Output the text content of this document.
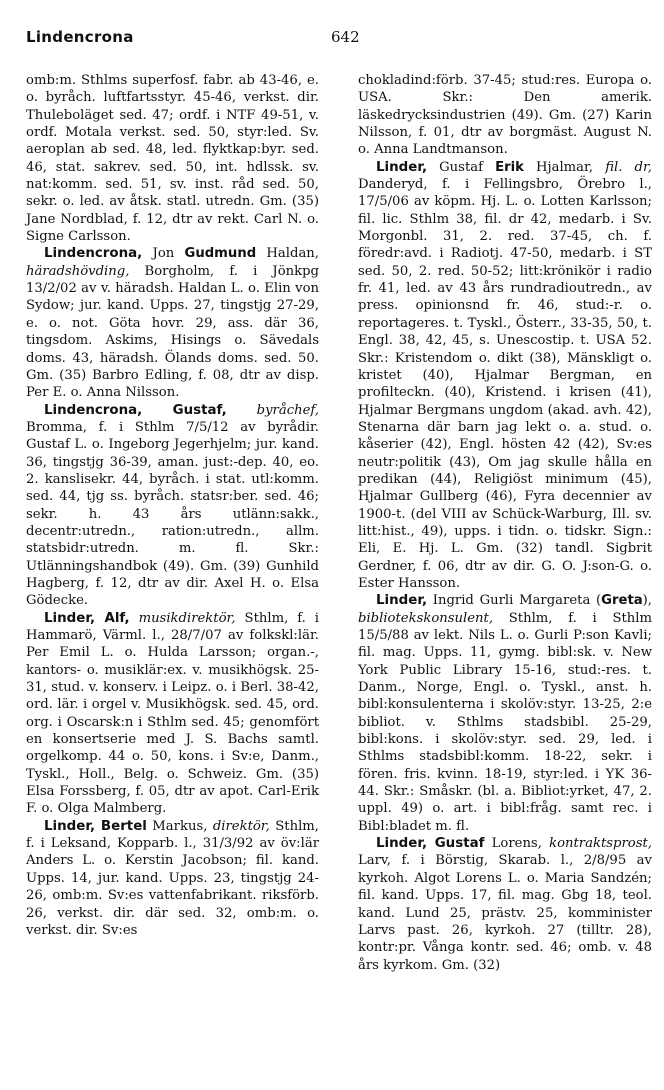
Lindencrona	642

omb:m. Sthlms superfosf. fabr. ab 43-46, e. o. byråch. luftfartsstyr. 45-46, verkst. dir. Thuleboläget sed. 47; ordf. i NTF 49-51, v. ordf. Motala verkst. sed. 50, styr:led. Sv. aeroplan ab sed. 48, led. flyktkap:byr. sed. 46, stat. sakrev. sed. 50, int. hdlssk. sv. nat:komm. sed. 51, sv. inst. råd sed. 50, sekr. o. led. av åtsk. statl. utredn. Gm. (35) Jane Nordblad, f. 12, dtr av rekt. Carl N. o. Signe Carlsson.

Lindencrona, Jon Gudmund Haldan, häradshövding, Borgholm, f. i Jönkpg 13/2/02 av v. häradsh. Haldan L. o. Elin von Sydow; jur. kand. Upps. 27, tingstjg 27-29, e. o. not. Göta hovr. 29, ass. där 36, tingsdom. Askims, Hisings o. Sävedals doms. 43, häradsh. Ölands doms. sed. 50. Gm. (35) Barbro Edling, f. 08, dtr av disp. Per E. o. Anna Nilsson.

Lindencrona, Gustaf, byråchef, Bromma, f. i Sthlm 7/5/12 av byrådir. Gustaf L. o. Ingeborg Jegerhjelm; jur. kand. 36, tingstjg 36-39, aman. just:-dep. 40, eo. 2. kanslisekr. 44, byråch. i stat. utl:komm. sed. 44, tjg ss. byråch. statsr:ber. sed. 46; sekr. h. 43 års utlänn:sakk., decentr:utredn., ration:utredn., allm. statsbidr:utredn. m. fl. Skr.: Utlänningshandbok (49). Gm. (39) Gunhild Hagberg, f. 12, dtr av dir. Axel H. o. Elsa Gödecke.

Linder, Alf, musikdirektör, Sthlm, f. i Hammarö, Värml. l., 28/7/07 av folkskl:lär. Per Emil L. o. Hulda Larsson; organ.-, kantors- o. musiklär:ex. v. musikhögsk. 25-31, stud. v. konserv. i Leipz. o. i Berl. 38-42, ord. lär. i orgel v. Musikhögsk. sed. 45, ord. org. i Oscarsk:n i Sthlm sed. 45; genomfört en konsertserie med J. S. Bachs samtl. orgelkomp. 44 o. 50, kons. i Sv:e, Danm., Tyskl., Holl., Belg. o. Schweiz. Gm. (35) Elsa Forssberg, f. 05, dtr av apot. Carl-Erik F. o. Olga Malmberg.

Linder, Bertel Markus, direktör, Sthlm, f. i Leksand, Kopparb. l., 31/3/92 av öv:lär Anders L. o. Kerstin Jacobson; fil. kand. Upps. 14, jur. kand. Upps. 23, tingstjg 24-26, omb:m. Sv:es vattenfabrikant. riksförb. 26, verkst. dir. där sed. 32, omb:m. o. verkst. dir. Sv:es

chokladind:förb. 37-45; stud:res. Europa o. USA. Skr.: Den amerik. läskedrycksindustrien (49). Gm. (27) Karin Nilsson, f. 01, dtr av borgmäst. August N. o. Anna Landtmanson.

Linder, Gustaf Erik Hjalmar, fil. dr, Danderyd, f. i Fellingsbro, Örebro l., 17/5/06 av köpm. Hj. L. o. Lotten Karlsson; fil. lic. Sthlm 38, fil. dr 42, medarb. i Sv. Morgonbl. 31, 2. red. 37-45, ch. f. föredr:avd. i Radiotj. 47-50, medarb. i ST sed. 50, 2. red. 50-52; litt:krönikör i radio fr. 41, led. av 43 års rundradioutredn., av press. opinionsnd fr. 46, stud:-r. o. reportageres. t. Tyskl., Österr., 33-35, 50, t. Engl. 38, 42, 45, s. Unescostip. t. USA 52. Skr.: Kristendom o. dikt (38), Mänskligt o. kristet (40), Hjalmar Bergman, en profilteckn. (40), Kristend. i krisen (41), Hjalmar Bergmans ungdom (akad. avh. 42), Stenarna där barn jag lekt o. a. stud. o. kåserier (42), Engl. hösten 42 (42), Sv:es neutr:politik (43), Om jag skulle hålla en predikan (44), Religiöst minimum (45), Hjalmar Gullberg (46), Fyra decennier av 1900-t. (del VIII av Schück-Warburg, Ill. sv. litt:hist., 49), upps. i tidn. o. tidskr. Sign.: Eli, E. Hj. L. Gm. (32) tandl. Sigbrit Gerdner, f. 06, dtr av dir. G. O. J:son-G. o. Ester Hansson.

Linder, Ingrid Gurli Margareta (Greta), bibliotekskonsulent, Sthlm, f. i Sthlm 15/5/88 av lekt. Nils L. o. Gurli P:son Kavli; fil. mag. Upps. 11, gymg. bibl:sk. v. New York Public Library 15-16, stud:-res. t. Danm., Norge, Engl. o. Tyskl., anst. h. bibl:konsulenterna i skolöv:styr. 13-25, 2:e bibliot. v. Sthlms stadsbibl. 25-29, bibl:kons. i skolöv:styr. sed. 29, led. i Sthlms stadsbibl:komm. 18-22, sekr. i fören. fris. kvinn. 18-19, styr:led. i YK 36-44. Skr.: Småskr. (bl. a. Bibliot:yrket, 47, 2. uppl. 49) o. art. i bibl:fråg. samt rec. i Bibl:bladet m. fl.

Linder, Gustaf Lorens, kontraktsprost, Larv, f. i Börstig, Skarab. l., 2/8/95 av kyrkoh. Algot Lorens L. o. Maria Sandzén; fil. kand. Upps. 17, fil. mag. Gbg 18, teol. kand. Lund 25, prästv. 25, komminister Larvs past. 26, kyrkoh. 27 (tilltr. 28), kontr:pr. Vånga kontr. sed. 46; omb. v. 48 års kyrkom. Gm. (32)
